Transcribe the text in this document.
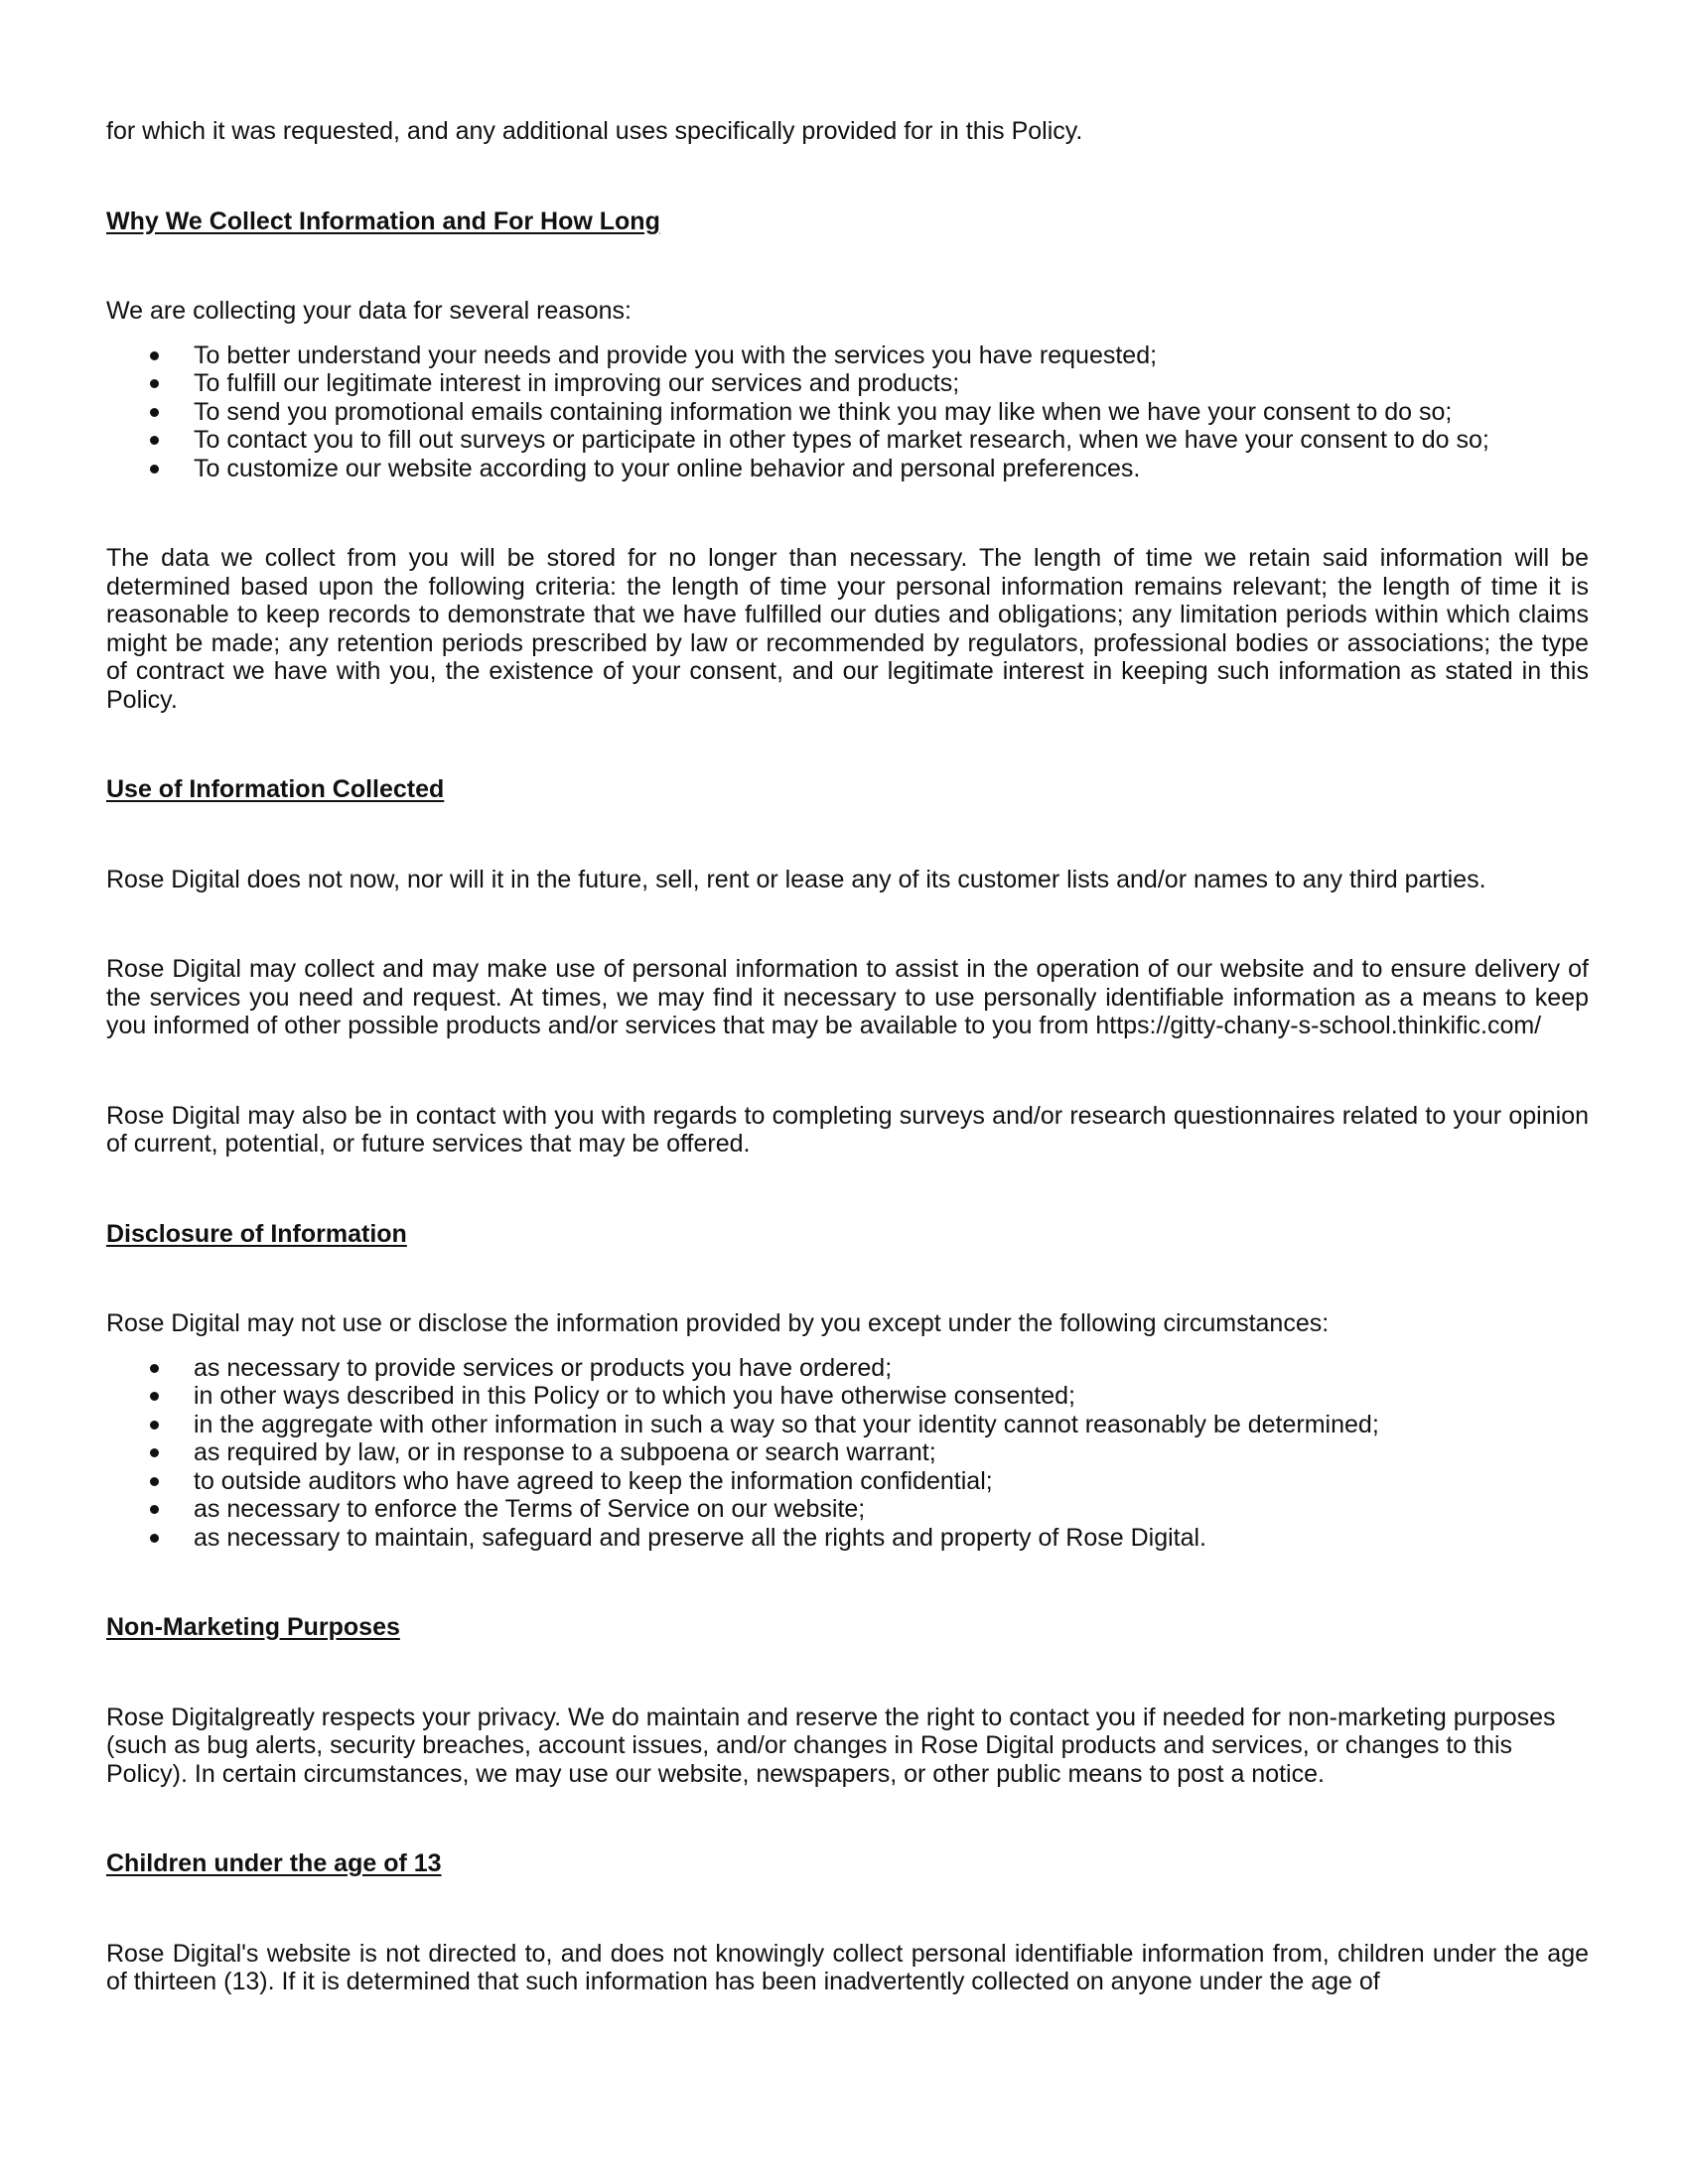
for which it was requested, and any additional uses specifically provided for in this Policy.

Why We Collect Information and For How Long

We are collecting your data for several reasons:

To better understand your needs and provide you with the services you have requested;
To fulfill our legitimate interest in improving our services and products;
To send you promotional emails containing information we think you may like when we have your consent to do so;
To contact you to fill out surveys or participate in other types of market research, when we have your consent to do so;
To customize our website according to your online behavior and personal preferences.

The data we collect from you will be stored for no longer than necessary. The length of time we retain said information will be determined based upon the following criteria: the length of time your personal information remains relevant; the length of time it is reasonable to keep records to demonstrate that we have fulfilled our duties and obligations; any limitation periods within which claims might be made; any retention periods prescribed by law or recommended by regulators, professional bodies or associations; the type of contract we have with you, the existence of your consent, and our legitimate interest in keeping such information as stated in this Policy.

Use of Information Collected

Rose Digital does not now, nor will it in the future, sell, rent or lease any of its customer lists and/or names to any third parties.

Rose Digital may collect and may make use of personal information to assist in the operation of our website and to ensure delivery of the services you need and request. At times, we may find it necessary to use personally identifiable information as a means to keep you informed of other possible products and/or services that may be available to you from https://gitty-chany-s-school.thinkific.com/

Rose Digital may also be in contact with you with regards to completing surveys and/or research questionnaires related to your opinion of current, potential, or future services that may be offered.

Disclosure of Information

Rose Digital may not use or disclose the information provided by you except under the following circumstances:

as necessary to provide services or products you have ordered;
in other ways described in this Policy or to which you have otherwise consented;
in the aggregate with other information in such a way so that your identity cannot reasonably be determined;
as required by law, or in response to a subpoena or search warrant;
to outside auditors who have agreed to keep the information confidential;
as necessary to enforce the Terms of Service on our website;
as necessary to maintain, safeguard and preserve all the rights and property of Rose Digital.

Non-Marketing Purposes

Rose Digitalgreatly respects your privacy. We do maintain and reserve the right to contact you if needed for non-marketing purposes (such as bug alerts, security breaches, account issues, and/or changes in Rose Digital products and services, or changes to this Policy). In certain circumstances, we may use our website, newspapers, or other public means to post a notice.

Children under the age of 13

Rose Digital's website is not directed to, and does not knowingly collect personal identifiable information from, children under the age of thirteen (13). If it is determined that such information has been inadvertently collected on anyone under the age of
